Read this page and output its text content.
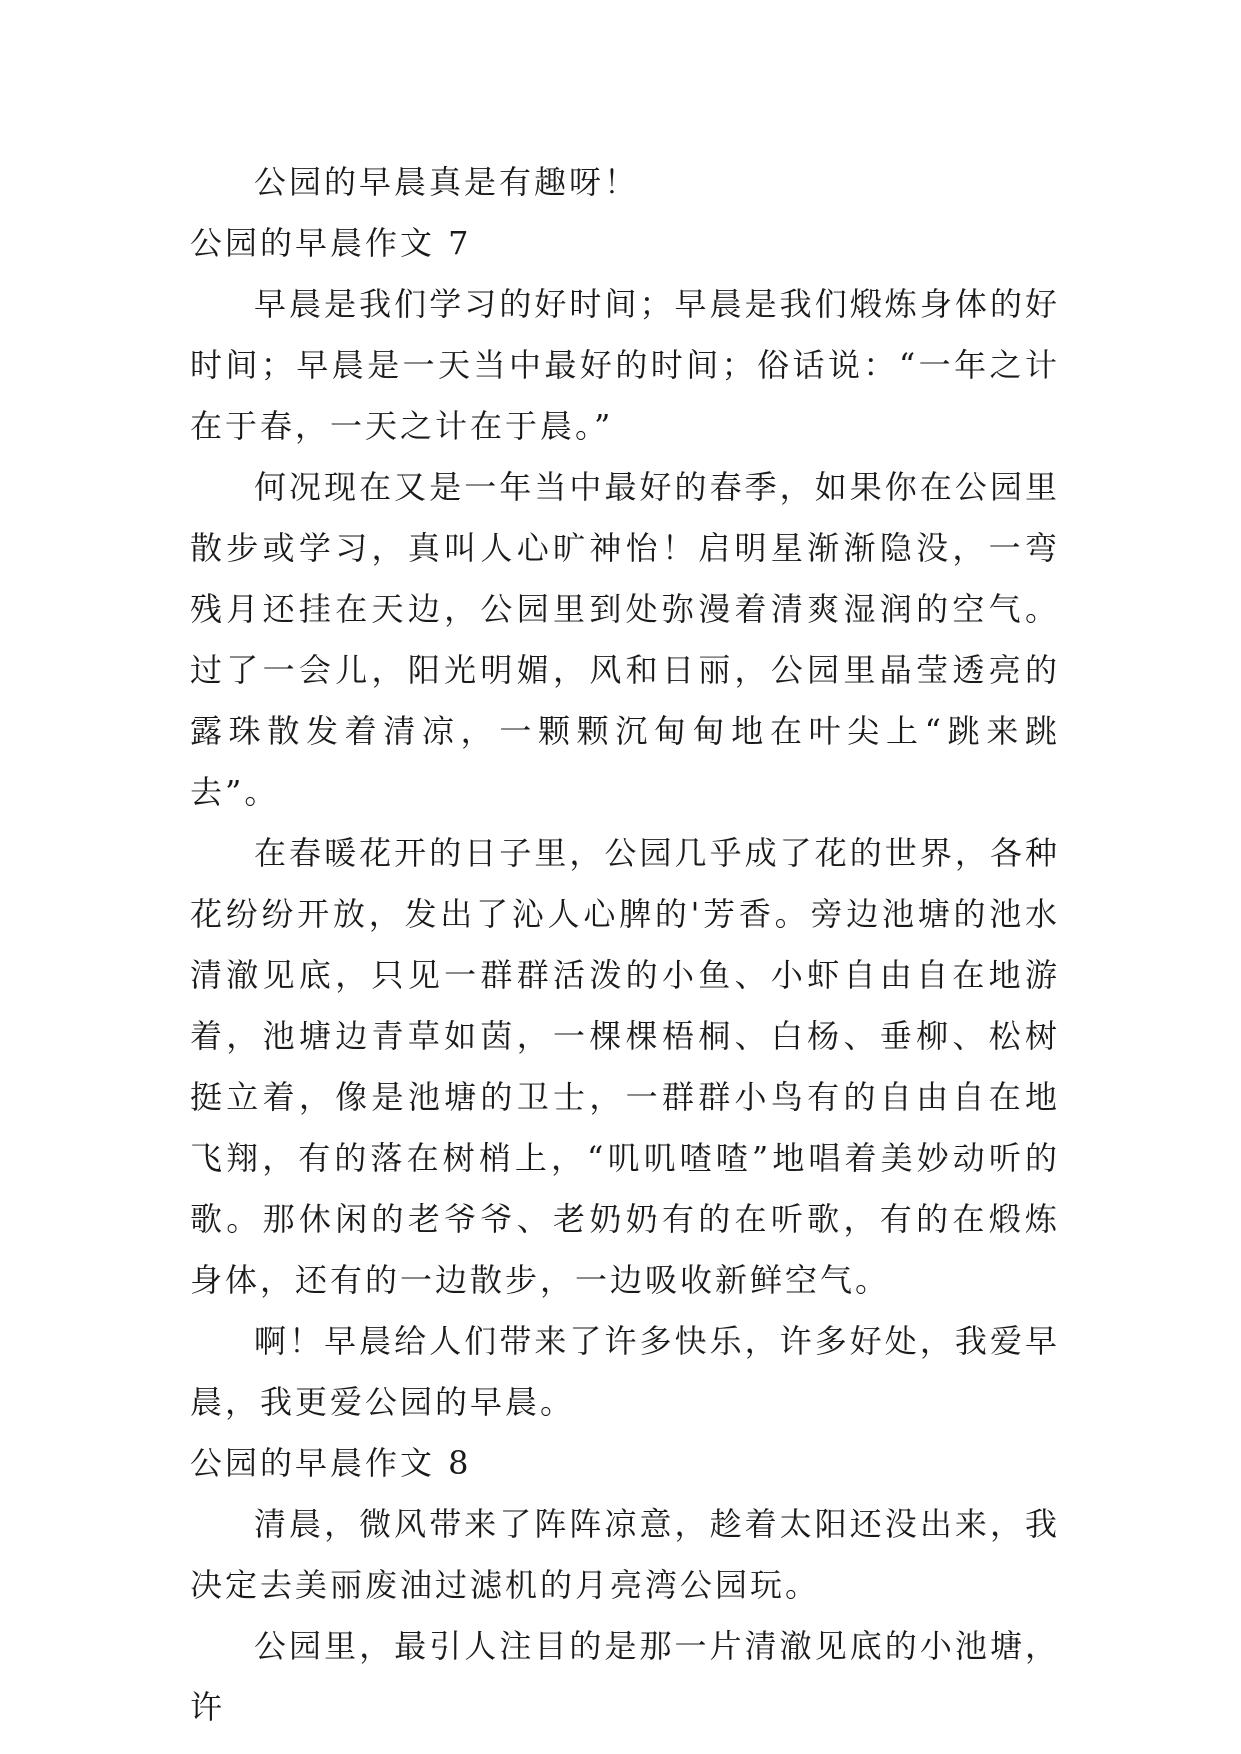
公园的早晨真是有趣呀！

公园的早晨作文 7

早晨是我们学习的好时间；早晨是我们煅炼身体的好时间；早晨是一天当中最好的时间；俗话说：“一年之计在于春，一天之计在于晨。”

何况现在又是一年当中最好的春季，如果你在公园里散步或学习，真叫人心旷神怡！启明星渐渐隐没，一弯残月还挂在天边，公园里到处弥漫着清爽湿润的空气。过了一会儿，阳光明媚，风和日丽，公园里晶莹透亮的露珠散发着清凉，一颗颗沉甸甸地在叶尖上“跳来跳去”。

在春暖花开的日子里，公园几乎成了花的世界，各种花纷纷开放，发出了沁人心脾的'芳香。旁边池塘的池水清澈见底，只见一群群活泼的小鱼、小虾自由自在地游着，池塘边青草如茵，一棵棵梧桐、白杨、垂柳、松树挺立着，像是池塘的卫士，一群群小鸟有的自由自在地飞翔，有的落在树梢上，“叽叽喳喳”地唱着美妙动听的歌。那休闲的老爷爷、老奶奶有的在听歌，有的在煅炼身体，还有的一边散步，一边吸收新鲜空气。

啊！早晨给人们带来了许多快乐，许多好处，我爱早晨，我更爱公园的早晨。

公园的早晨作文 8

清晨，微风带来了阵阵凉意，趁着太阳还没出来，我决定去美丽废油过滤机的月亮湾公园玩。

公园里，最引人注目的是那一片清澈见底的小池塘，许
